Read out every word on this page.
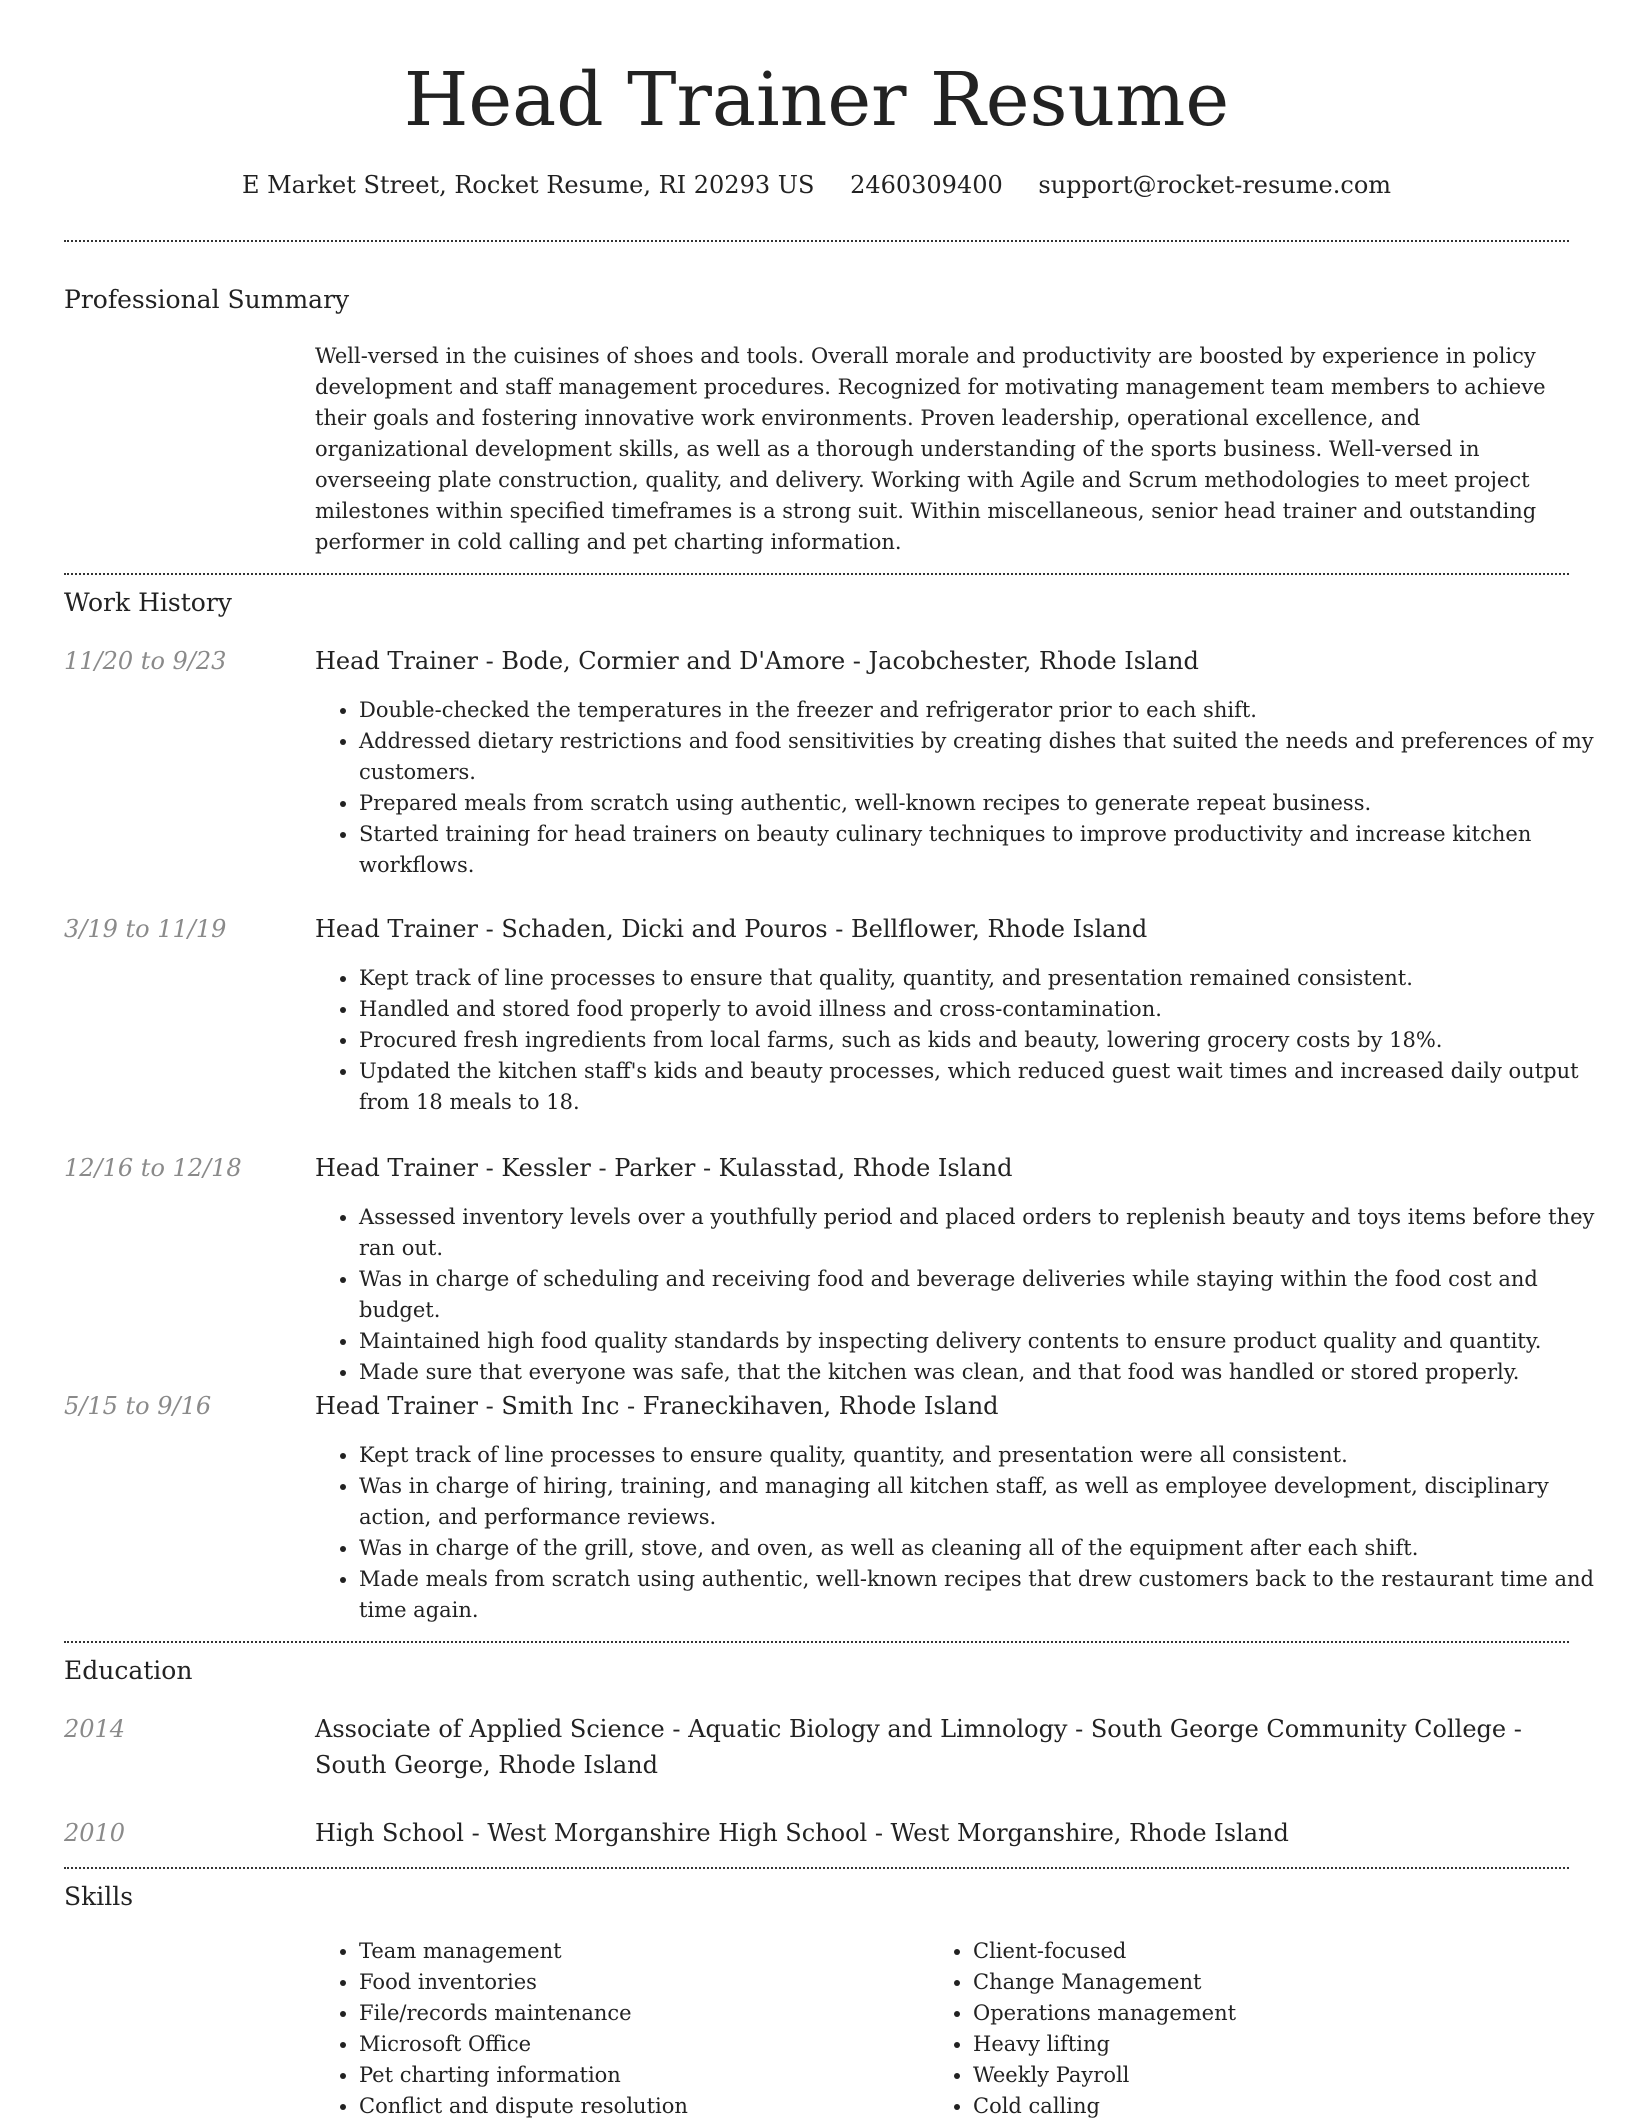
Head Trainer Resume
E Market Street, Rocket Resume, RI 20293 US 2460309400 support@rocket-resume.com
Professional Summary
Well-versed in the cuisines of shoes and tools. Overall morale and productivity are boosted by experience in policy development and staff management procedures. Recognized for motivating management team members to achieve their goals and fostering innovative work environments. Proven leadership, operational excellence, and organizational development skills, as well as a thorough understanding of the sports business. Well-versed in overseeing plate construction, quality, and delivery. Working with Agile and Scrum methodologies to meet project milestones within specified timeframes is a strong suit. Within miscellaneous, senior head trainer and outstanding performer in cold calling and pet charting information.
Work History
11/20 to 9/23	Head Trainer - Bode, Cormier and D'Amore - Jacobchester, Rhode Island
• Double-checked the temperatures in the freezer and refrigerator prior to each shift.
• Addressed dietary restrictions and food sensitivities by creating dishes that suited the needs and preferences of my customers.
• Prepared meals from scratch using authentic, well-known recipes to generate repeat business.
• Started training for head trainers on beauty culinary techniques to improve productivity and increase kitchen workflows.
3/19 to 11/19	Head Trainer - Schaden, Dicki and Pouros - Bellflower, Rhode Island
• Kept track of line processes to ensure that quality, quantity, and presentation remained consistent.
• Handled and stored food properly to avoid illness and cross-contamination.
• Procured fresh ingredients from local farms, such as kids and beauty, lowering grocery costs by 18%.
• Updated the kitchen staff's kids and beauty processes, which reduced guest wait times and increased daily output from 18 meals to 18.
12/16 to 12/18	Head Trainer - Kessler - Parker - Kulasstad, Rhode Island
• Assessed inventory levels over a youthfully period and placed orders to replenish beauty and toys items before they ran out.
• Was in charge of scheduling and receiving food and beverage deliveries while staying within the food cost and budget.
• Maintained high food quality standards by inspecting delivery contents to ensure product quality and quantity.
• Made sure that everyone was safe, that the kitchen was clean, and that food was handled or stored properly.
5/15 to 9/16	Head Trainer - Smith Inc - Franeckihaven, Rhode Island
• Kept track of line processes to ensure quality, quantity, and presentation were all consistent.
• Was in charge of hiring, training, and managing all kitchen staff, as well as employee development, disciplinary action, and performance reviews.
• Was in charge of the grill, stove, and oven, as well as cleaning all of the equipment after each shift.
• Made meals from scratch using authentic, well-known recipes that drew customers back to the restaurant time and time again.
Education
2014	Associate of Applied Science - Aquatic Biology and Limnology - South George Community College - South George, Rhode Island
2010	High School - West Morganshire High School - West Morganshire, Rhode Island
Skills
• Team management
• Food inventories
• File/records maintenance
• Microsoft Office
• Pet charting information
• Conflict and dispute resolution
• Client-focused
• Change Management
• Operations management
• Heavy lifting
• Weekly Payroll
• Cold calling
